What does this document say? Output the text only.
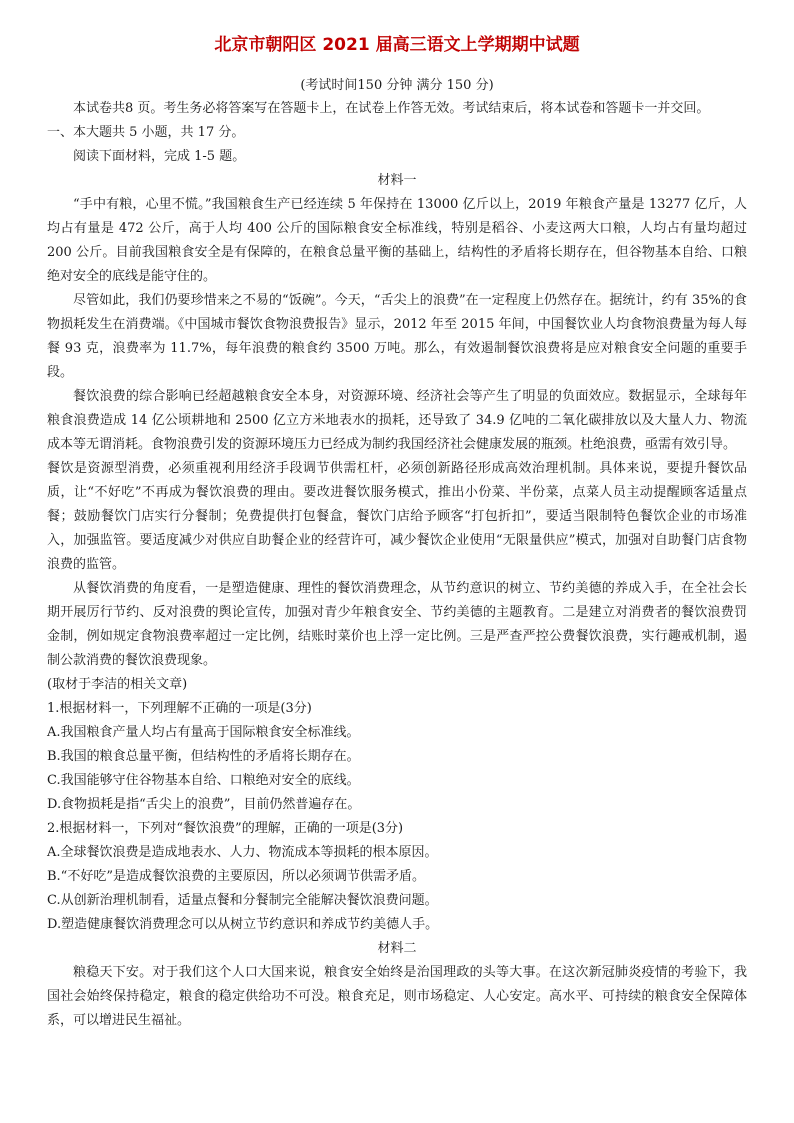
北京市朝阳区 2021 届高三语文上学期期中试题
(考试时间150 分钟 满分 150 分)

本试卷共8 页。考生务必将答案写在答题卡上，在试卷上作答无效。考试结束后，将本试卷和答题卡一并交回。

一、本大题共 5 小题，共 17 分。

阅读下面材料，完成 1-5 题。

材料一

“手中有粮，心里不慌。”我国粮食生产已经连续 5 年保持在 13000 亿斤以上，2019 年粮食产量是 13277 亿斤，人均占有量是 472 公斤，高于人均 400 公斤的国际粮食安全标准线，特别是稻谷、小麦这两大口粮，人均占有量均超过 200 公斤。目前我国粮食安全是有保障的，在粮食总量平衡的基础上，结构性的矛盾将长期存在，但谷物基本自给、口粮绝对安全的底线是能守住的。

尽管如此，我们仍要珍惜来之不易的“饭碗”。今天，“舌尖上的浪费”在一定程度上仍然存在。据统计，约有 35%的食物损耗发生在消费端。《中国城市餐饮食物浪费报告》显示，2012 年至 2015 年间，中国餐饮业人均食物浪费量为每人每餐 93 克，浪费率为 11.7%，每年浪费的粮食约 3500 万吨。那么，有效遏制餐饮浪费将是应对粮食安全问题的重要手段。

餐饮浪费的综合影响已经超越粮食安全本身，对资源环境、经济社会等产生了明显的负面效应。数据显示，全球每年粮食浪费造成 14 亿公顷耕地和 2500 亿立方米地表水的损耗，还导致了 34.9 亿吨的二氧化碳排放以及大量人力、物流成本等无谓消耗。食物浪费引发的资源环境压力已经成为制约我国经济社会健康发展的瓶颈。杜绝浪费，亟需有效引导。

餐饮是资源型消费，必须重视利用经济手段调节供需杠杆，必须创新路径形成高效治理机制。具体来说，要提升餐饮品质，让“不好吃”不再成为餐饮浪费的理由。要改进餐饮服务模式，推出小份菜、半份菜，点菜人员主动提醒顾客适量点餐；鼓励餐饮门店实行分餐制；免费提供打包餐盒，餐饮门店给予顾客“打包折扣”，要适当限制特色餐饮企业的市场准入，加强监管。要适度减少对供应自助餐企业的经营许可，减少餐饮企业使用“无限量供应”模式，加强对自助餐门店食物浪费的监管。

从餐饮消费的角度看，一是塑造健康、理性的餐饮消费理念，从节约意识的树立、节约美德的养成入手，在全社会长期开展厉行节约、反对浪费的舆论宣传，加强对青少年粮食安全、节约美德的主题教育。二是建立对消费者的餐饮浪费罚金制，例如规定食物浪费率超过一定比例，结账时菜价也上浮一定比例。三是严查严控公费餐饮浪费，实行趣戒机制，遏制公款消费的餐饮浪费现象。

(取材于李洁的相关文章)

1.根据材料一，下列理解不正确的一项是(3分)

A.我国粮食产量人均占有量高于国际粮食安全标准线。

B.我国的粮食总量平衡，但结构性的矛盾将长期存在。

C.我国能够守住谷物基本自给、口粮绝对安全的底线。

D.食物损耗是指“舌尖上的浪费”，目前仍然普遍存在。

2.根据材料一，下列对“餐饮浪费”的理解，正确的一项是(3分)

A.全球餐饮浪费是造成地表水、人力、物流成本等损耗的根本原因。

B.“不好吃”是造成餐饮浪费的主要原因，所以必须调节供需矛盾。

C.从创新治理机制看，适量点餐和分餐制完全能解决餐饮浪费问题。

D.塑造健康餐饮消费理念可以从树立节约意识和养成节约美德人手。

材料二

粮稳天下安。对于我们这个人口大国来说，粮食安全始终是治国理政的头等大事。在这次新冠肺炎疫情的考验下，我国社会始终保持稳定，粮食的稳定供给功不可没。粮食充足，则市场稳定、人心安定。高水平、可持续的粮食安全保障体系，可以增进民生福祉。
